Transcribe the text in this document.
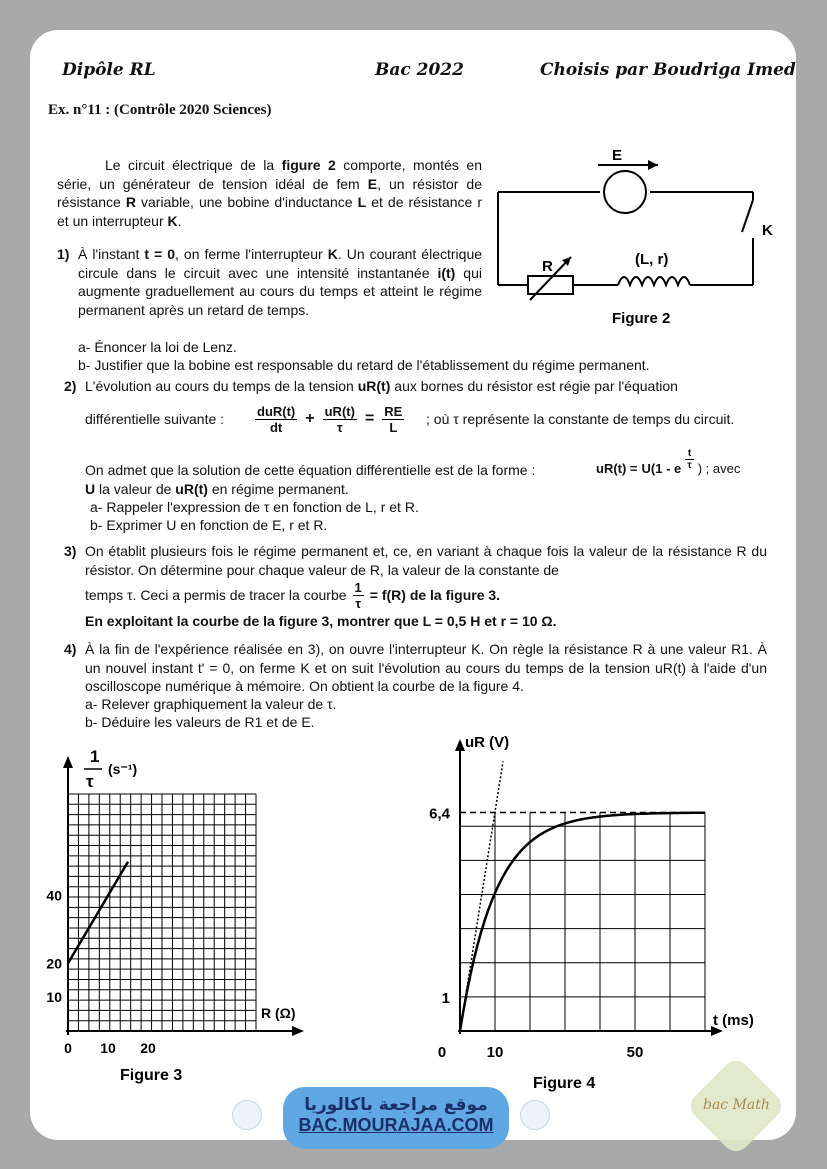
Dipôle RL	Bac 2022	Choisis par Boudriga Imed
Ex. n°11 : (Contrôle 2020 Sciences)
Le circuit électrique de la figure 2 comporte, montés en série, un générateur de tension idéal de fem E, un résistor de résistance R variable, une bobine d'inductance L et de résistance r et un interrupteur K.
E
K
R	(L, r)
Figure 2
1) À l'instant t = 0, on ferme l'interrupteur K. Un courant électrique circule dans le circuit avec une intensité instantanée i(t) qui augmente graduellement au cours du temps et atteint le régime permanent après un retard de temps.
a- Énoncer la loi de Lenz.
b- Justifier que la bobine est responsable du retard de l'établissement du régime permanent.
2) L'évolution au cours du temps de la tension uR(t) aux bornes du résistor est régie par l'équation
différentielle suivante : $\frac{\text{duR(t)}}{dt} + \frac{uR(t)}{\tau} = \frac{RE}{L}$ ; où τ représente la constante de temps du circuit.
On admet que la solution de cette équation différentielle est de la forme :	uR(t) = U(1 - e $\frac{t}{\tau}$ ) ; avec
U la valeur de uR(t) en régime permanent.
a- Rappeler l'expression de τ en fonction de L, r et R.
b- Exprimer U en fonction de E, r et R.
3) On établit plusieurs fois le régime permanent et, ce, en variant à chaque fois la valeur de la résistance R du résistor. On détermine pour chaque valeur de R, la valeur de la constante de
temps τ. Ceci a permis de tracer la courbe $\frac{1}{\tau} = f(R)$ de la figure 3.
En exploitant la courbe de la figure 3, montrer que L = 0,5 H et r = 10 Ω.
4) À la fin de l'expérience réalisée en 3), on ouvre l'interrupteur K. On règle la résistance R à une valeur R1. À un nouvel instant t' = 0, on ferme K et on suit l'évolution au cours du temps de la tension uR(t) à l'aide d'un oscilloscope numérique à mémoire. On obtient la courbe de la figure 4.
a- Relever graphiquement la valeur de τ.
b- Déduire les valeurs de R1 et de E.
0 10 20
10
20
40
1
τ
(s⁻¹)
R (Ω)
Figure 3
0	10	50
1
6,4
uR (V)
t (ms)
Figure 4
موقع مراجعة باكالوريا
BAC.MOURAJAA.COM
bac Math
